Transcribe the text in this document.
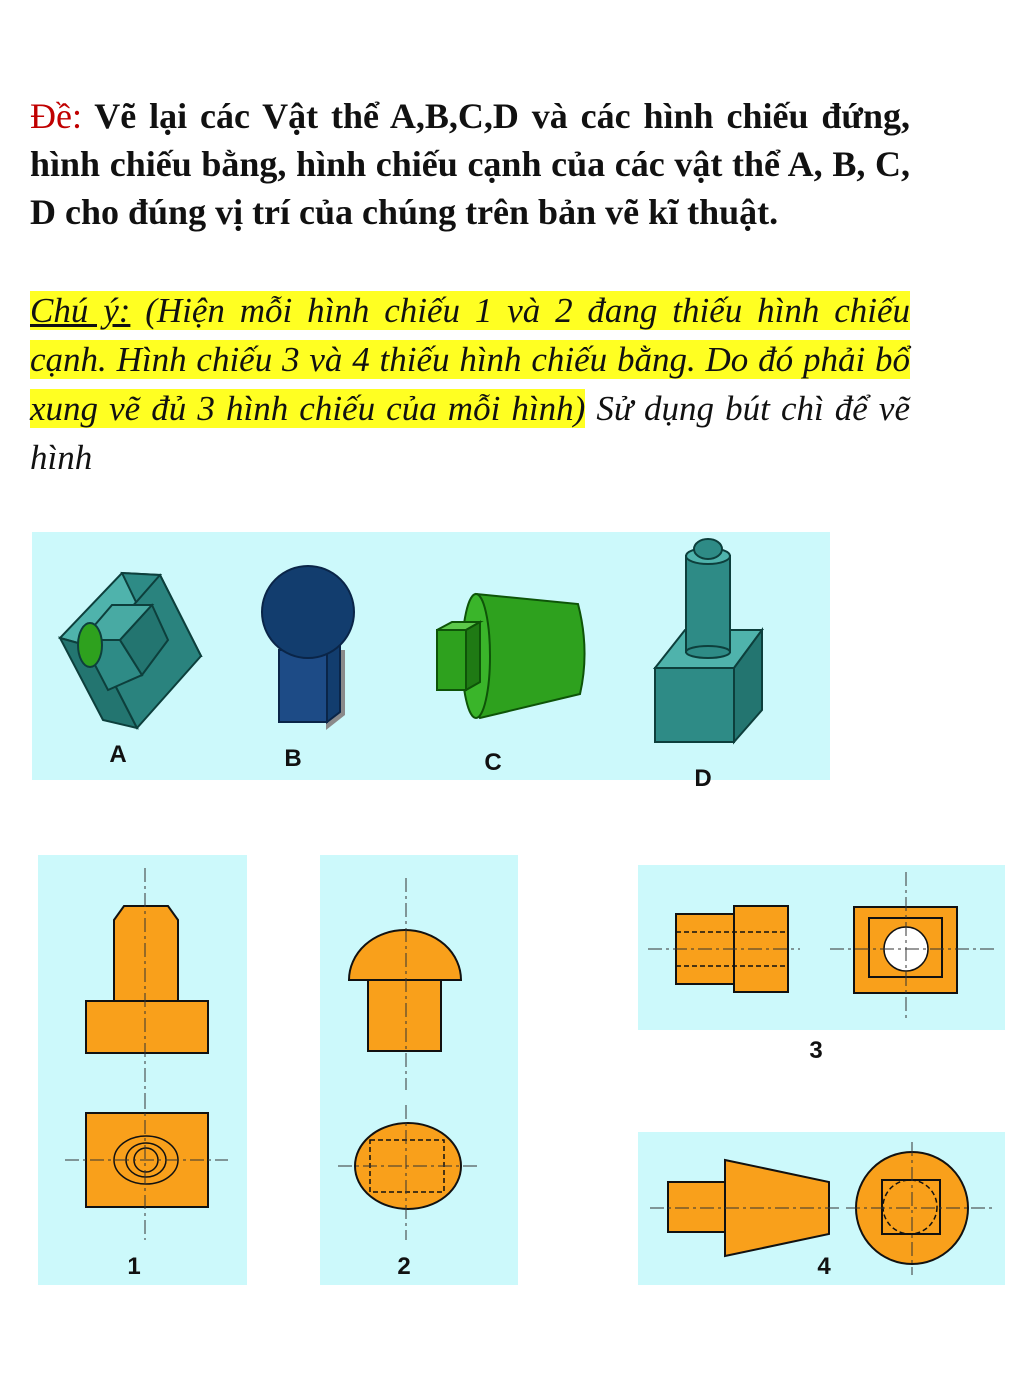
Đề: Vẽ lại các Vật thể A,B,C,D và các hình chiếu đứng, hình chiếu bằng, hình chiếu cạnh của các vật thể A, B, C, D cho đúng vị trí của chúng trên bản vẽ kĩ thuật.
Chú ý: (Hiện mỗi hình chiếu 1 và 2 đang thiếu hình chiếu cạnh. Hình chiếu 3 và 4 thiếu hình chiếu bằng. Do đó phải bổ xung vẽ đủ 3 hình chiếu của mỗi hình) Sử dụng bút chì để vẽ hình
A	B	C
D
1	2
3
4
